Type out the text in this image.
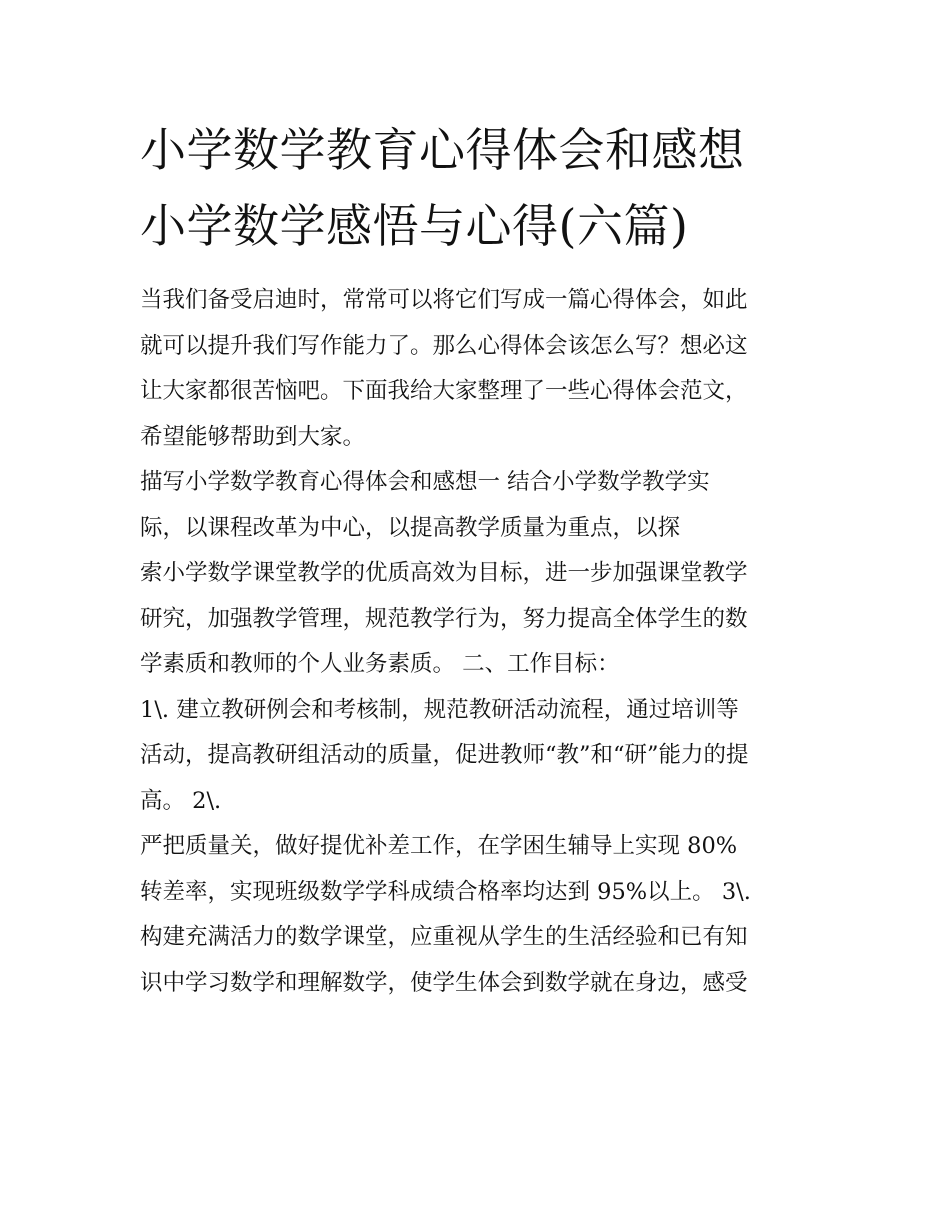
小学数学教育心得体会和感想
小学数学感悟与心得(六篇)
当我们备受启迪时，常常可以将它们写成一篇心得体会，如此
就可以提升我们写作能力了。那么心得体会该怎么写？想必这
让大家都很苦恼吧。下面我给大家整理了一些心得体会范文，
希望能够帮助到大家。
描写小学数学教育心得体会和感想一 结合小学数学教学实
际，以课程改革为中心，以提高教学质量为重点，以探
索小学数学课堂教学的优质高效为目标，进一步加强课堂教学
研究，加强教学管理，规范教学行为，努力提高全体学生的数
学素质和教师的个人业务素质。 二、工作目标：
1\. 建立教研例会和考核制，规范教研活动流程，通过培训等
活动，提高教研组活动的质量，促进教师“教”和“研”能力的提
高。 2\.
严把质量关，做好提优补差工作，在学困生辅导上实现 80%
转差率，实现班级数学学科成绩合格率均达到 95%以上。 3\.
构建充满活力的数学课堂，应重视从学生的生活经验和已有知
识中学习数学和理解数学，使学生体会到数学就在身边，感受
